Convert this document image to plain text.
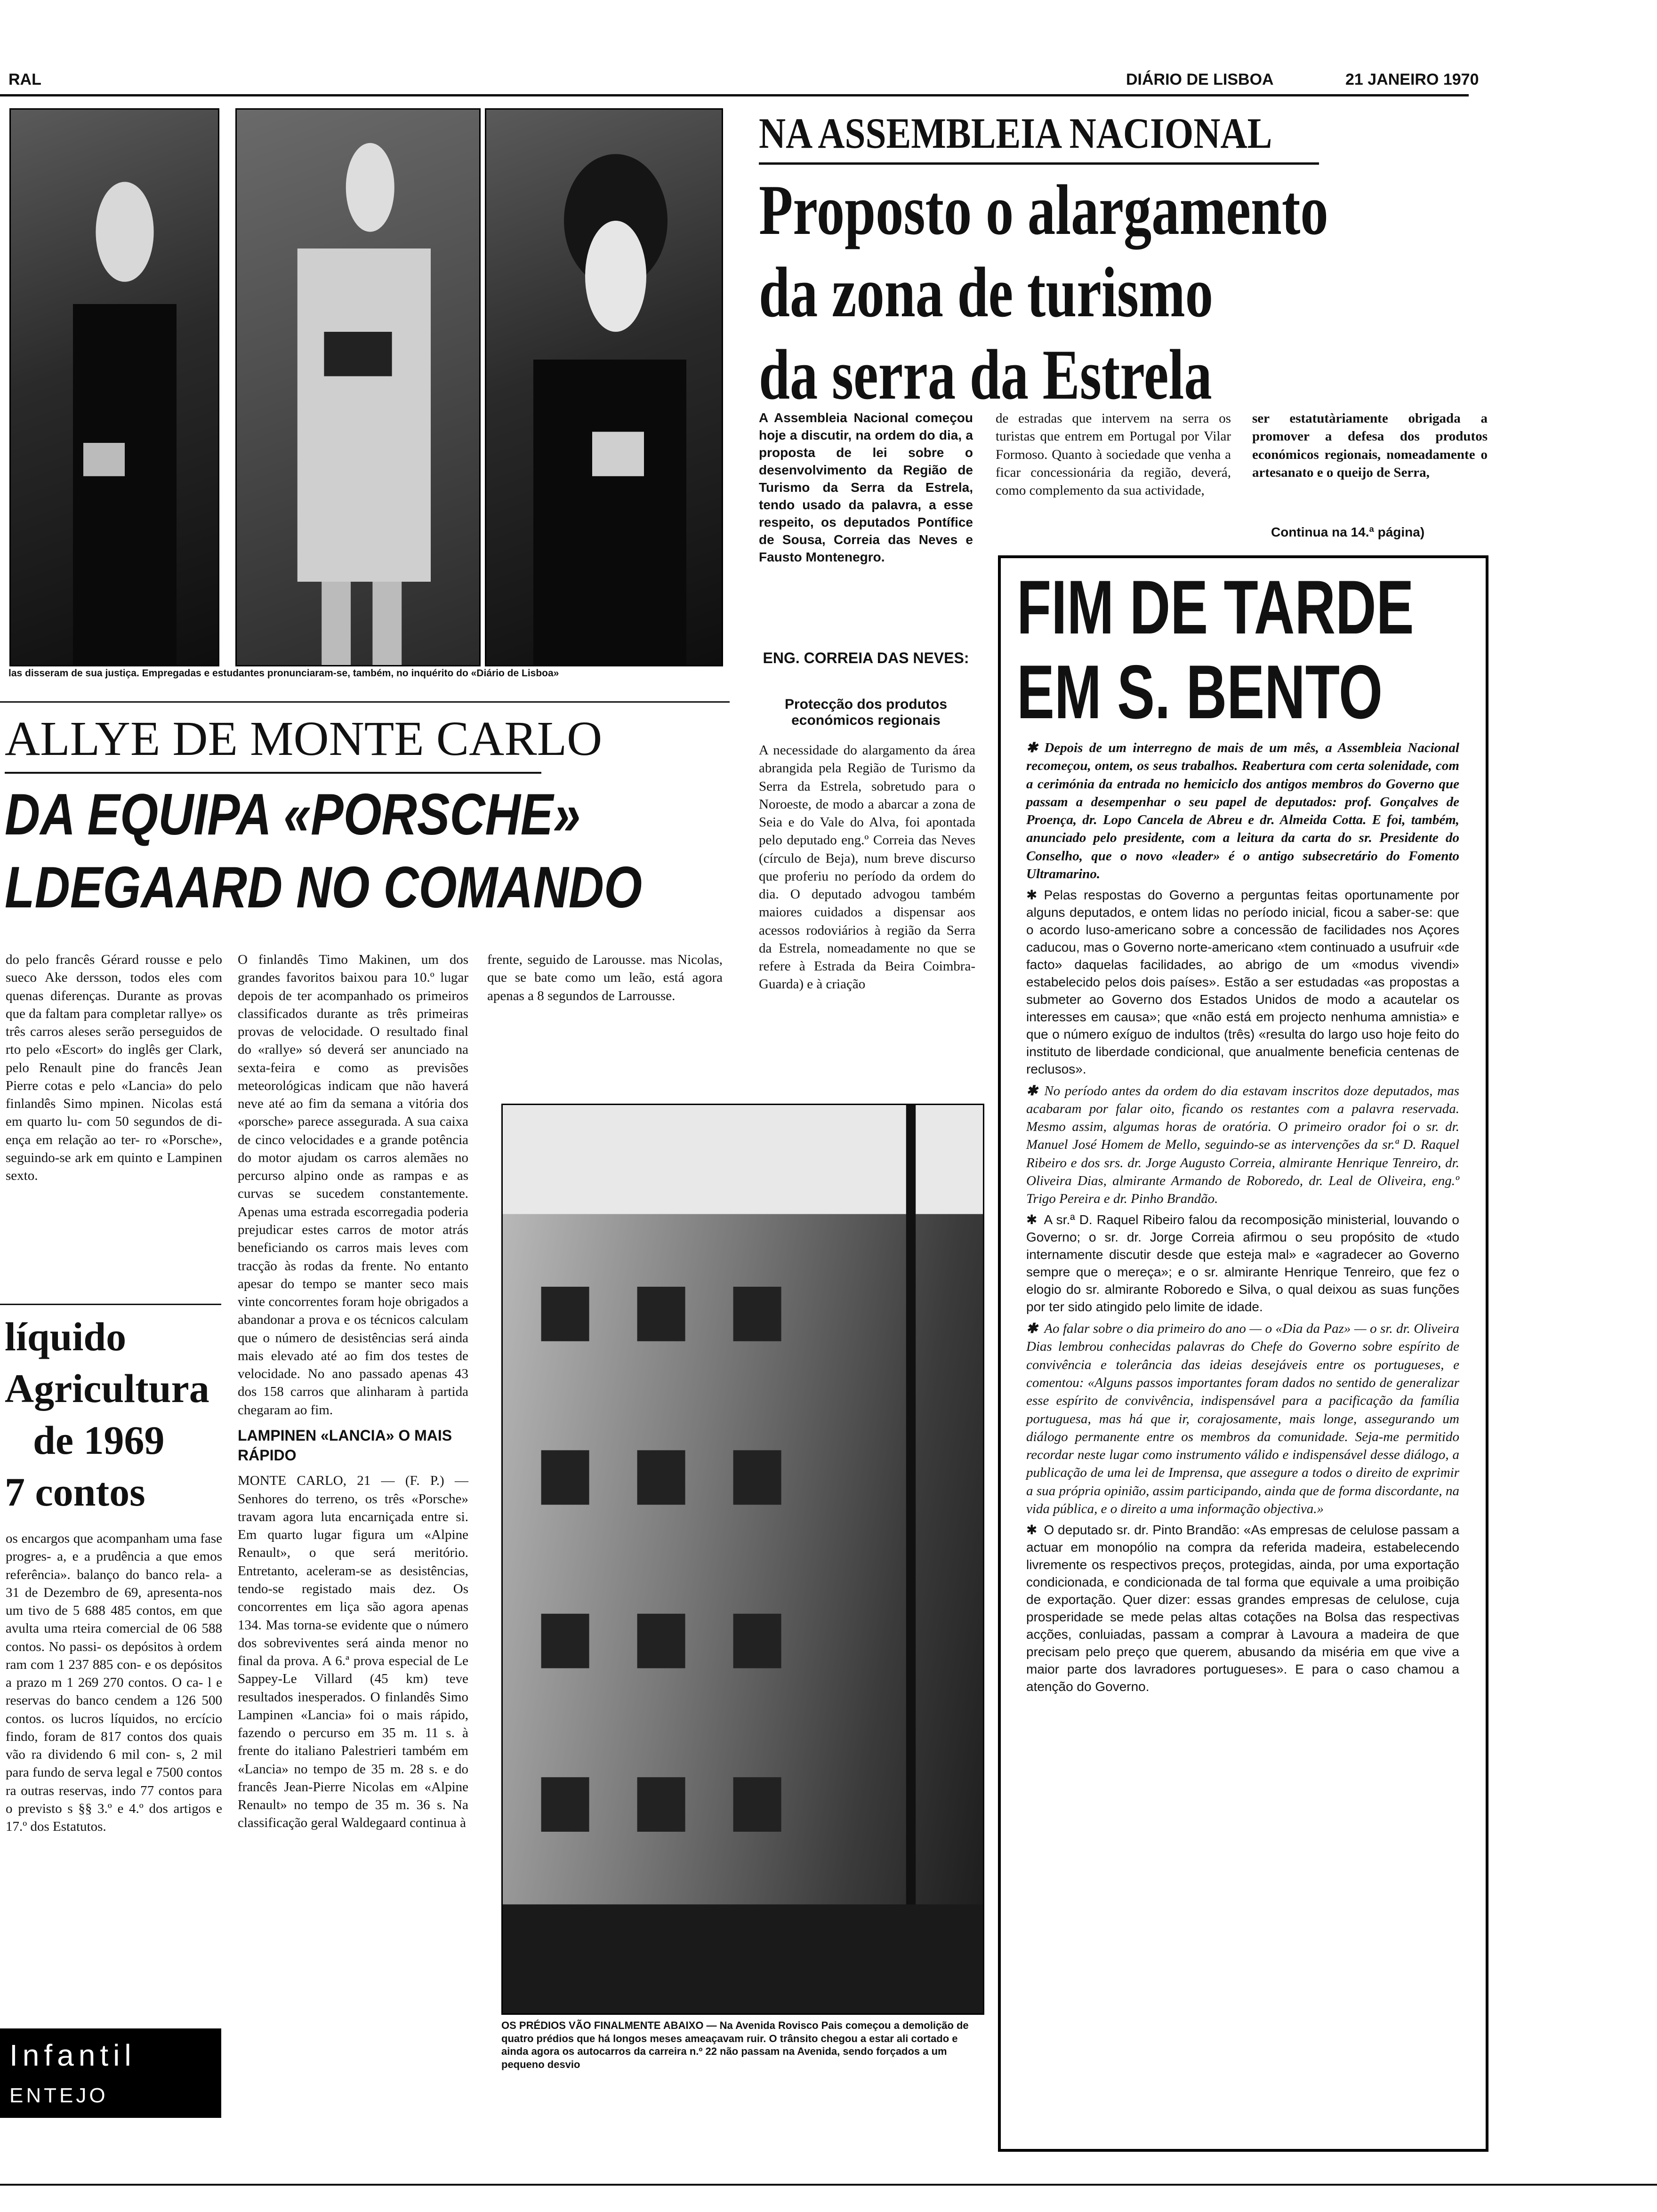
RAL	DIÁRIO DE LISBOA	21 JANEIRO 1970
las disseram de sua justiça. Empregadas e estudantes pronunciaram-se, também, no inquérito do «Diário de Lisboa»
ALLYE DE MONTE CARLO
DA EQUIPA «PORSCHE»
LDEGAARD NO COMANDO
do pelo francês Gérard rousse e pelo sueco Ake dersson, todos eles com quenas diferenças. Durante as provas que da faltam para completar rallye» os três carros aleses serão perseguidos de rto pelo «Escort» do inglês ger Clark, pelo Renault pine do francês Jean Pierre cotas e pelo «Lancia» do pelo finlandês Simo mpinen. Nicolas está em quarto lu- com 50 segundos de di- ença em relação ao ter- ro «Porsche», seguindo-se ark em quinto e Lampinen sexto.
O finlandês Timo Makinen, um dos grandes favoritos baixou para 10.º lugar depois de ter acompanhado os primeiros classificados durante as três primeiras provas de velocidade. O resultado final do «rallye» só deverá ser anunciado na sexta-feira e como as previsões meteorológicas indicam que não haverá neve até ao fim da semana a vitória dos «porsche» parece assegurada. A sua caixa de cinco velocidades e a grande potência do motor ajudam os carros alemães no percurso alpino onde as rampas e as curvas se sucedem constantemente. Apenas uma estrada escorregadia poderia prejudicar estes carros de motor atrás beneficiando os carros mais leves com tracção às rodas da frente. No entanto apesar do tempo se manter seco mais vinte concorrentes foram hoje obrigados a abandonar a prova e os técnicos calculam que o número de desistências será ainda mais elevado até ao fim dos testes de velocidade. No ano passado apenas 43 dos 158 carros que alinharam à partida chegaram ao fim.
LAMPINEN «LANCIA» O MAIS RÁPIDO
MONTE CARLO, 21 — (F. P.) — Senhores do terreno, os três «Porsche» travam agora luta encarniçada entre si. Em quarto lugar figura um «Alpine Renault», o que será meritório. Entretanto, aceleram-se as desistências, tendo-se registado mais dez. Os concorrentes em liça são agora apenas 134. Mas torna-se evidente que o número dos sobreviventes será ainda menor no final da prova. A 6.ª prova especial de Le Sappey-Le Villard (45 km) teve resultados inesperados. O finlandês Simo Lampinen «Lancia» foi o mais rápido, fazendo o percurso em 35 m. 11 s. à frente do italiano Palestrieri também em «Lancia» no tempo de 35 m. 28 s. e do francês Jean-Pierre Nicolas em «Alpine Renault» no tempo de 35 m. 36 s. Na classificação geral Waldegaard continua à
frente, seguido de Larousse. mas Nicolas, que se bate como um leão, está agora apenas a 8 segundos de Larrousse.
líquido
Agricultura
de 1969
7 contos
os encargos que acompanham uma fase progres- a, e a prudência a que emos referência». balanço do banco rela- a 31 de Dezembro de 69, apresenta-nos um tivo de 5 688 485 contos, em que avulta uma rteira comercial de 06 588 contos. No passi- os depósitos à ordem ram com 1 237 885 con- e os depósitos a prazo m 1 269 270 contos. O ca- l e reservas do banco cendem a 126 500 contos. os lucros líquidos, no ercício findo, foram de 817 contos dos quais vão ra dividendo 6 mil con- s, 2 mil para fundo de serva legal e 7500 contos ra outras reservas, indo 77 contos para o previsto s §§ 3.º e 4.º dos artigos e 17.º dos Estatutos.
Infantil
ENTEJO
NA ASSEMBLEIA NACIONAL
Proposto o alargamento
da zona de turismo
da serra da Estrela
A Assembleia Nacional começou hoje a discutir, na ordem do dia, a proposta de lei sobre o desenvolvimento da Região de Turismo da Serra da Estrela, tendo usado da palavra, a esse respeito, os deputados Pontífice de Sousa, Correia das Neves e Fausto Montenegro.
ENG. CORREIA DAS NEVES:
Protecção dos produtos económicos regionais
A necessidade do alargamento da área abrangida pela Região de Turismo da Serra da Estrela, sobretudo para o Noroeste, de modo a abarcar a zona de Seia e do Vale do Alva, foi apontada pelo deputado eng.º Correia das Neves (círculo de Beja), num breve discurso que proferiu no período da ordem do dia. O deputado advogou também maiores cuidados a dispensar aos acessos rodoviários à região da Serra da Estrela, nomeadamente no que se refere à Estrada da Beira Coimbra-Guarda) e à criação
de estradas que intervem na serra os turistas que entrem em Portugal por Vilar Formoso. Quanto à sociedade que venha a ficar concessionária da região, deverá, como complemento da sua actividade,
ser estatutàriamente obrigada a promover a defesa dos produtos económicos regionais, nomeadamente o artesanato e o queijo de Serra,
Continua na 14.ª página)
FIM DE TARDE
EM S. BENTO

✱ Depois de um interregno de mais de um mês, a Assembleia Nacional recomeçou, ontem, os seus trabalhos. Reabertura com certa solenidade, com a cerimónia da entrada no hemiciclo dos antigos membros do Governo que passam a desempenhar o seu papel de deputados: prof. Gonçalves de Proença, dr. Lopo Cancela de Abreu e dr. Almeida Cotta. E foi, também, anunciado pelo presidente, com a leitura da carta do sr. Presidente do Conselho, que o novo «leader» é o antigo subsecretário do Fomento Ultramarino.

✱ Pelas respostas do Governo a perguntas feitas oportunamente por alguns deputados, e ontem lidas no período inicial, ficou a saber-se: que o acordo luso-americano sobre a concessão de facilidades nos Açores caducou, mas o Governo norte-americano «tem continuado a usufruir «de facto» daquelas facilidades, ao abrigo de um «modus vivendi» estabelecido pelos dois países». Estão a ser estudadas «as propostas a submeter ao Governo dos Estados Unidos de modo a acautelar os interesses em causa»; que «não está em projecto nenhuma amnistia» e que o número exíguo de indultos (três) «resulta do largo uso hoje feito do instituto de liberdade condicional, que anualmente beneficia centenas de reclusos».

✱ No período antes da ordem do dia estavam inscritos doze deputados, mas acabaram por falar oito, ficando os restantes com a palavra reservada. Mesmo assim, algumas horas de oratória. O primeiro orador foi o sr. dr. Manuel José Homem de Mello, seguindo-se as intervenções da sr.ª D. Raquel Ribeiro e dos srs. dr. Jorge Augusto Correia, almirante Henrique Tenreiro, dr. Oliveira Dias, almirante Armando de Roboredo, dr. Leal de Oliveira, eng.º Trigo Pereira e dr. Pinho Brandão.

✱ A sr.ª D. Raquel Ribeiro falou da recomposição ministerial, louvando o Governo; o sr. dr. Jorge Correia afirmou o seu propósito de «tudo internamente discutir desde que esteja mal» e «agradecer ao Governo sempre que o mereça»; e o sr. almirante Henrique Tenreiro, que fez o elogio do sr. almirante Roboredo e Silva, o qual deixou as suas funções por ter sido atingido pelo limite de idade.

✱ Ao falar sobre o dia primeiro do ano — o «Dia da Paz» — o sr. dr. Oliveira Dias lembrou conhecidas palavras do Chefe do Governo sobre espírito de convivência e tolerância das ideias desejáveis entre os portugueses, e comentou: «Alguns passos importantes foram dados no sentido de generalizar esse espírito de convivência, indispensável para a pacificação da família portuguesa, mas há que ir, corajosamente, mais longe, assegurando um diálogo permanente entre os membros da comunidade. Seja-me permitido recordar neste lugar como instrumento válido e indispensável desse diálogo, a publicação de uma lei de Imprensa, que assegure a todos o direito de exprimir a sua própria opinião, assim participando, ainda que de forma discordante, na vida pública, e o direito a uma informação objectiva.»

✱ O deputado sr. dr. Pinto Brandão: «As empresas de celulose passam a actuar em monopólio na compra da referida madeira, estabelecendo livremente os respectivos preços, protegidas, ainda, por uma exportação condicionada, e condicionada de tal forma que equivale a uma proibição de exportação. Quer dizer: essas grandes empresas de celulose, cuja prosperidade se mede pelas altas cotações na Bolsa das respectivas acções, conluiadas, passam a comprar à Lavoura a madeira de que precisam pelo preço que querem, abusando da miséria em que vive a maior parte dos lavradores portugueses». E para o caso chamou a atenção do Governo.

OS PRÉDIOS VÃO FINALMENTE ABAIXO — Na Avenida Rovisco Pais começou a demolição de quatro prédios que há longos meses ameaçavam ruir. O trânsito chegou a estar ali cortado e ainda agora os autocarros da carreira n.º 22 não passam na Avenida, sendo forçados a um pequeno desvio
